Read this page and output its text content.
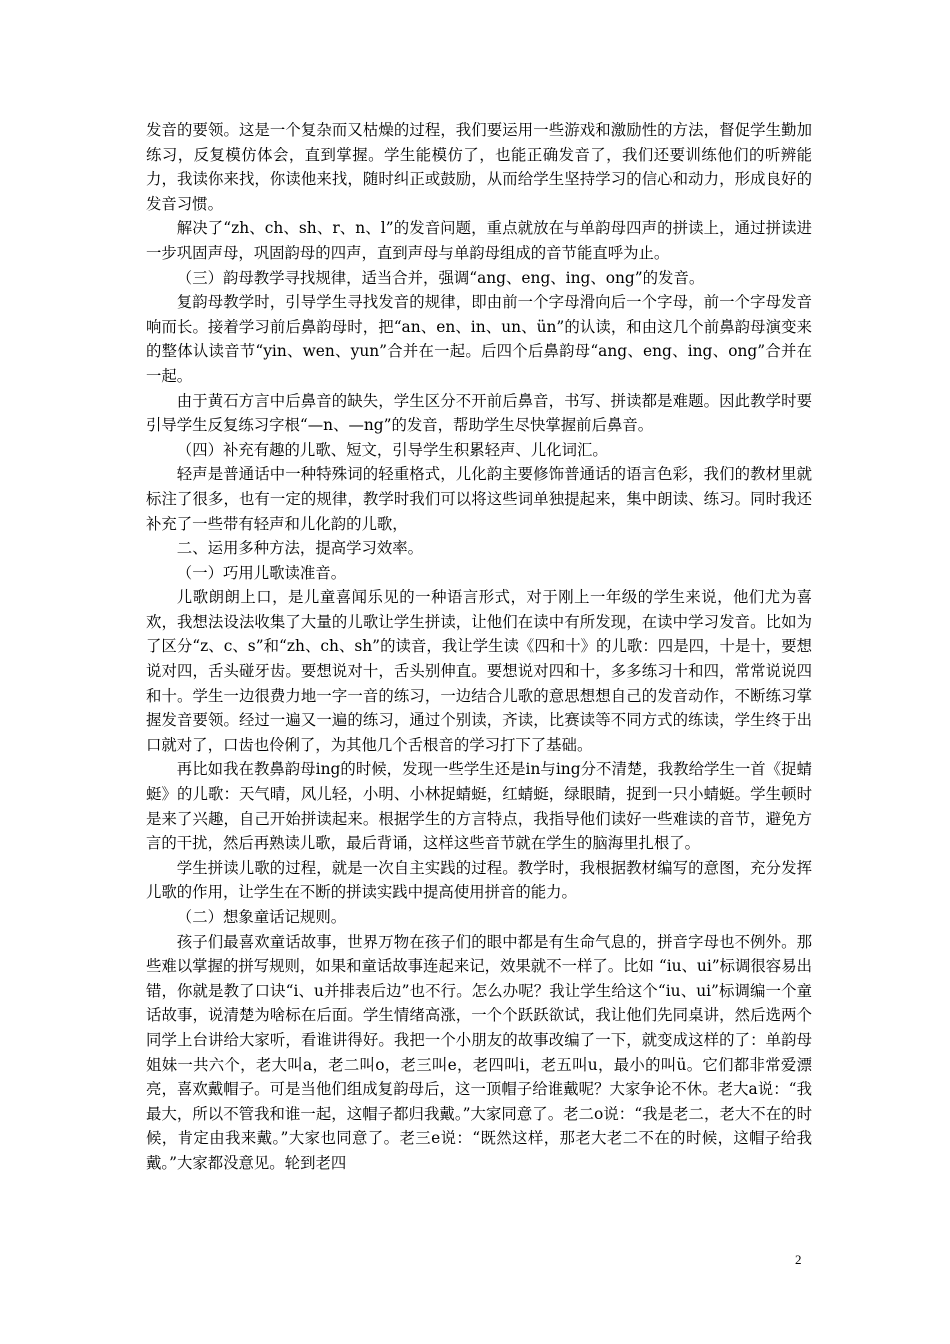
发音的要领。这是一个复杂而又枯燥的过程，我们要运用一些游戏和激励性的方法，督促学生勤加练习，反复模仿体会，直到掌握。学生能模仿了，也能正确发音了，我们还要训练他们的听辨能力，我读你来找，你读他来找，随时纠正或鼓励，从而给学生坚持学习的信心和动力，形成良好的发音习惯。

解决了“zh、ch、sh、r、n、l”的发音问题，重点就放在与单韵母四声的拼读上，通过拼读进一步巩固声母，巩固韵母的四声，直到声母与单韵母组成的音节能直呼为止。

（三）韵母教学寻找规律，适当合并，强调“ang、eng、ing、ong”的发音。

复韵母教学时，引导学生寻找发音的规律，即由前一个字母滑向后一个字母，前一个字母发音响而长。接着学习前后鼻韵母时，把“an、en、in、un、ün”的认读，和由这几个前鼻韵母演变来的整体认读音节“yin、wen、yun”合并在一起。后四个后鼻韵母“ang、eng、ing、ong”合并在一起。

由于黄石方言中后鼻音的缺失，学生区分不开前后鼻音，书写、拼读都是难题。因此教学时要引导学生反复练习字根“—n、—ng”的发音，帮助学生尽快掌握前后鼻音。

（四）补充有趣的儿歌、短文，引导学生积累轻声、儿化词汇。

轻声是普通话中一种特殊词的轻重格式，儿化韵主要修饰普通话的语言色彩，我们的教材里就标注了很多，也有一定的规律，教学时我们可以将这些词单独提起来，集中朗读、练习。同时我还补充了一些带有轻声和儿化韵的儿歌，

二、运用多种方法，提高学习效率。

（一）巧用儿歌读准音。

儿歌朗朗上口，是儿童喜闻乐见的一种语言形式，对于刚上一年级的学生来说，他们尤为喜欢，我想法设法收集了大量的儿歌让学生拼读，让他们在读中有所发现，在读中学习发音。比如为了区分“z、c、s”和“zh、ch、sh”的读音，我让学生读《四和十》的儿歌：四是四，十是十，要想说对四，舌头碰牙齿。要想说对十，舌头别伸直。要想说对四和十，多多练习十和四，常常说说四和十。学生一边很费力地一字一音的练习，一边结合儿歌的意思想想自己的发音动作，不断练习掌握发音要领。经过一遍又一遍的练习，通过个别读，齐读，比赛读等不同方式的练读，学生终于出口就对了，口齿也伶俐了，为其他几个舌根音的学习打下了基础。

再比如我在教鼻韵母ing的时候，发现一些学生还是in与ing分不清楚，我教给学生一首《捉蜻蜓》的儿歌：天气晴，风儿轻，小明、小林捉蜻蜓，红蜻蜓，绿眼睛，捉到一只小蜻蜓。学生顿时是来了兴趣，自己开始拼读起来。根据学生的方言特点，我指导他们读好一些难读的音节，避免方言的干扰，然后再熟读儿歌，最后背诵，这样这些音节就在学生的脑海里扎根了。

学生拼读儿歌的过程，就是一次自主实践的过程。教学时，我根据教材编写的意图，充分发挥儿歌的作用，让学生在不断的拼读实践中提高使用拼音的能力。

（二）想象童话记规则。

孩子们最喜欢童话故事，世界万物在孩子们的眼中都是有生命气息的，拼音字母也不例外。那些难以掌握的拼写规则，如果和童话故事连起来记，效果就不一样了。比如 “iu、ui”标调很容易出错，你就是教了口诀“i、u并排表后边”也不行。怎么办呢？我让学生给这个“iu、ui”标调编一个童话故事，说清楚为啥标在后面。学生情绪高涨，一个个跃跃欲试，我让他们先同桌讲，然后选两个同学上台讲给大家听，看谁讲得好。我把一个小朋友的故事改编了一下，就变成这样的了：单韵母姐妹一共六个，老大叫a，老二叫o，老三叫e，老四叫i，老五叫u，最小的叫ü。它们都非常爱漂亮，喜欢戴帽子。可是当他们组成复韵母后，这一顶帽子给谁戴呢？大家争论不休。老大a说：“我最大，所以不管我和谁一起，这帽子都归我戴。”大家同意了。老二o说：“我是老二，老大不在的时候，肯定由我来戴。”大家也同意了。老三e说：“既然这样，那老大老二不在的时候，这帽子给我戴。”大家都没意见。轮到老四

2
